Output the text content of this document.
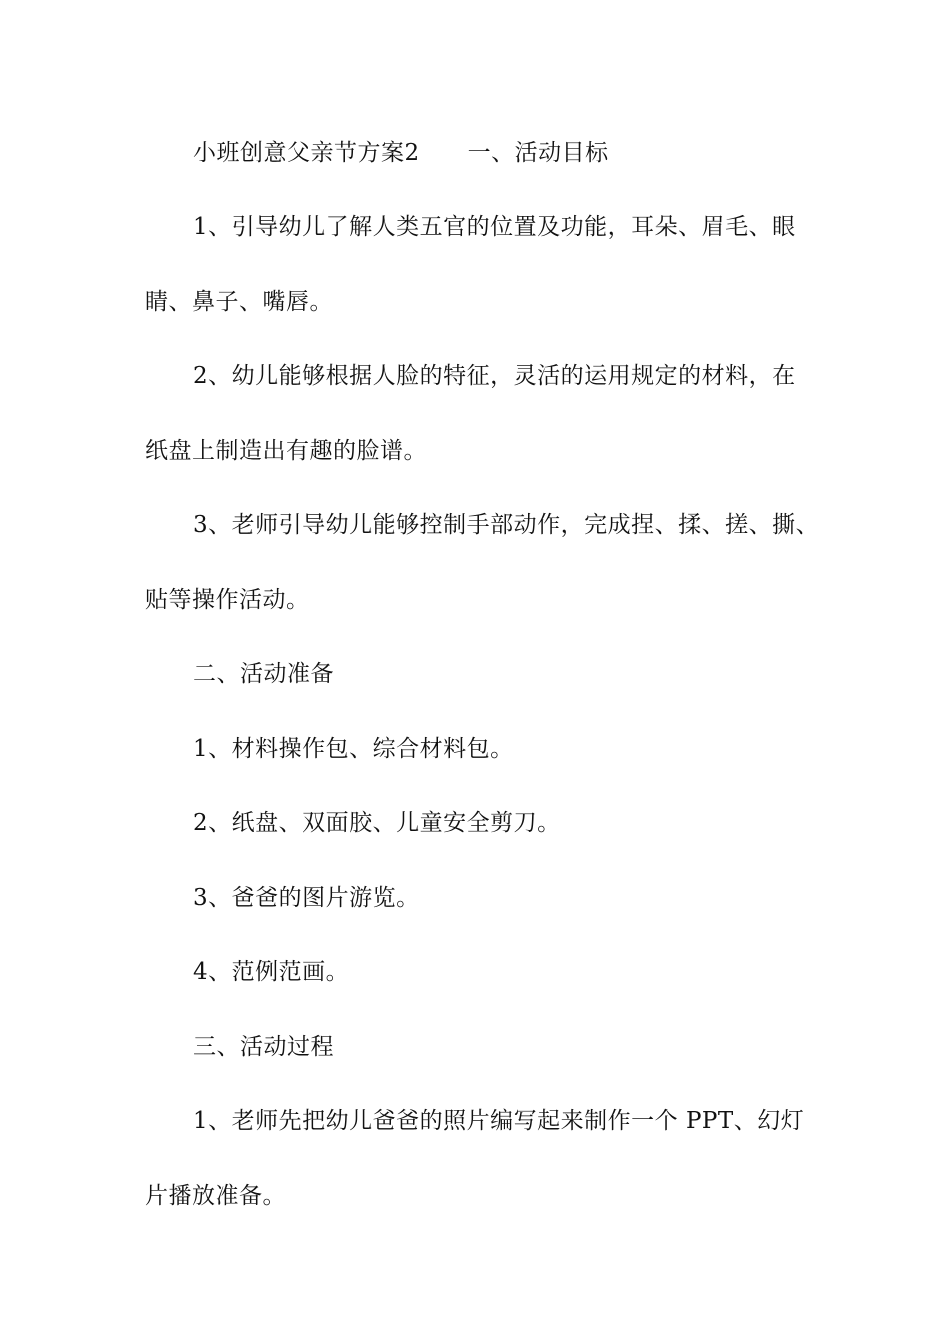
小班创意父亲节方案2 一、活动目标
1、引导幼儿了解人类五官的位置及功能，耳朵、眉毛、眼
睛、鼻子、嘴唇。
2、幼儿能够根据人脸的特征，灵活的运用规定的材料，在
纸盘上制造出有趣的脸谱。
3、老师引导幼儿能够控制手部动作，完成捏、揉、搓、撕、
贴等操作活动。
二、活动准备
1、材料操作包、综合材料包。
2、纸盘、双面胶、儿童安全剪刀。
3、爸爸的图片游览。
4、范例范画。
三、活动过程
1、老师先把幼儿爸爸的照片编写起来制作一个 PPT、幻灯
片播放准备。
